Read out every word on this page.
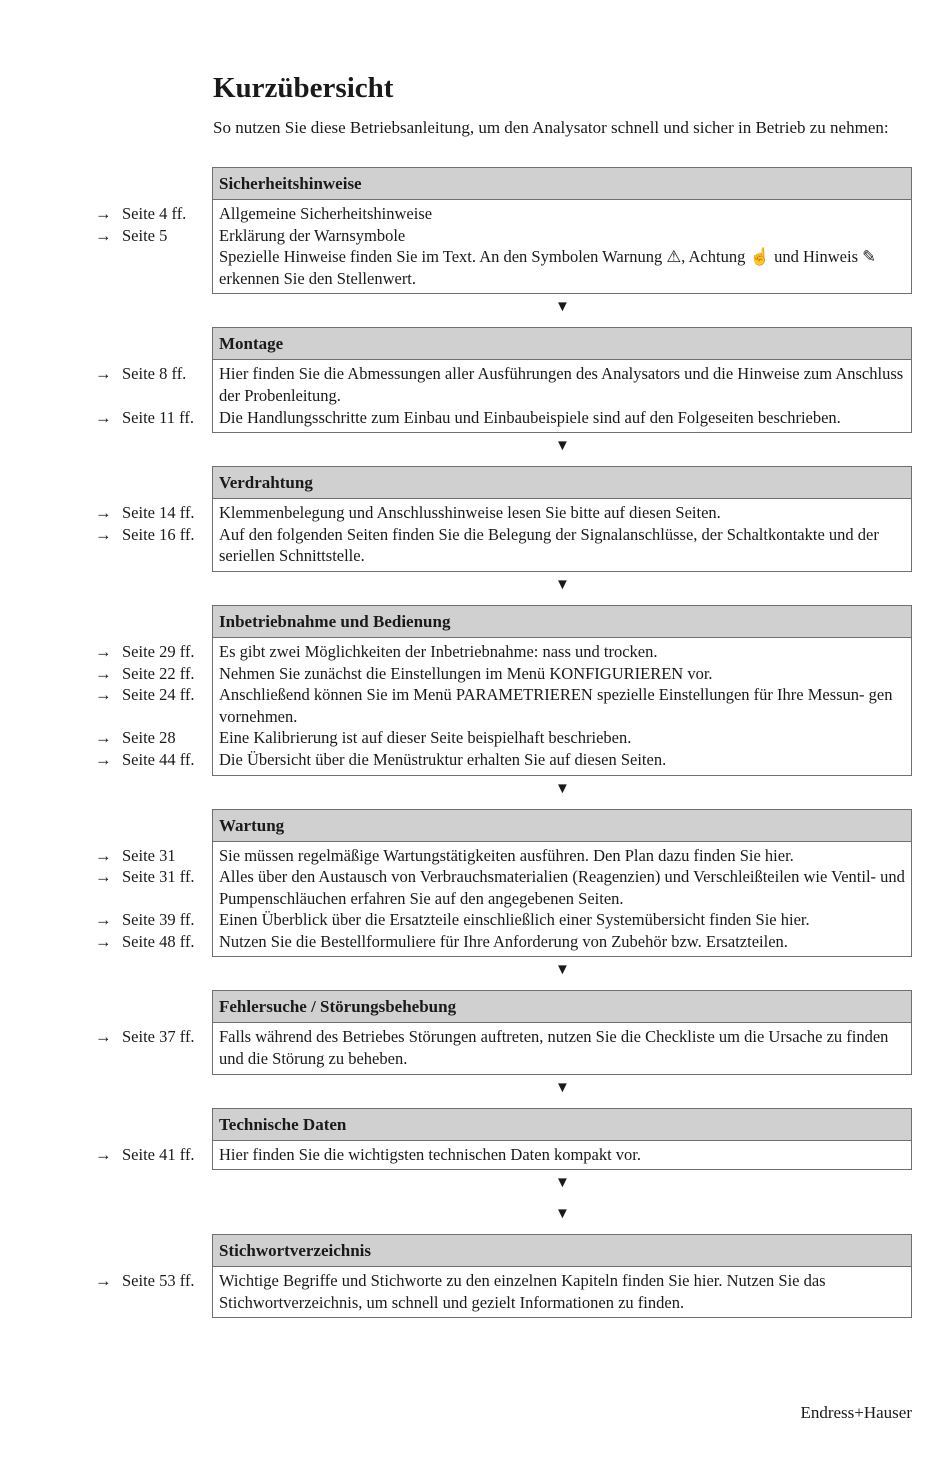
Kurzübersicht
So nutzen Sie diese Betriebsanleitung, um den Analysator schnell und sicher in Betrieb zu nehmen:
Sicherheitshinweise
→ Seite 4 ff. Allgemeine Sicherheitshinweise
→ Seite 5	Erklärung der Warnsymbole
Spezielle Hinweise finden Sie im Text. An den Symbolen Warnung ⚠, Achtung ☝ und Hinweis ✎ erkennen Sie den Stellenwert.
▼
Montage
→ Seite 8 ff. Hier finden Sie die Abmessungen aller Ausführungen des Analysators und die Hinweise zum Anschluss der Probenleitung.
→ Seite 11 ff. Die Handlungsschritte zum Einbau und Einbaubeispiele sind auf den Folgeseiten beschrieben.
▼
Verdrahtung
→ Seite 14 ff. Klemmenbelegung und Anschlusshinweise lesen Sie bitte auf diesen Seiten.
→ Seite 16 ff. Auf den folgenden Seiten finden Sie die Belegung der Signalanschlüsse, der Schaltkontakte und der seriellen Schnittstelle.
▼
Inbetriebnahme und Bedienung
→ Seite 29 ff. Es gibt zwei Möglichkeiten der Inbetriebnahme: nass und trocken.
→ Seite 22 ff. Nehmen Sie zunächst die Einstellungen im Menü KONFIGURIEREN vor.
→ Seite 24 ff. Anschließend können Sie im Menü PARAMETRIEREN spezielle Einstellungen für Ihre Messun- gen vornehmen.
→ Seite 28	Eine Kalibrierung ist auf dieser Seite beispielhaft beschrieben.
→ Seite 44 ff. Die Übersicht über die Menüstruktur erhalten Sie auf diesen Seiten.
▼
Wartung
→ Seite 31	Sie müssen regelmäßige Wartungstätigkeiten ausführen. Den Plan dazu finden Sie hier.
→ Seite 31 ff. Alles über den Austausch von Verbrauchsmaterialien (Reagenzien) und Verschleißteilen wie Ventil- und Pumpenschläuchen erfahren Sie auf den angegebenen Seiten.
→ Seite 39 ff. Einen Überblick über die Ersatzteile einschließlich einer Systemübersicht finden Sie hier.
→ Seite 48 ff. Nutzen Sie die Bestellformuliere für Ihre Anforderung von Zubehör bzw. Ersatzteilen.
▼
Fehlersuche / Störungsbehebung
→ Seite 37 ff. Falls während des Betriebes Störungen auftreten, nutzen Sie die Checkliste um die Ursache zu finden und die Störung zu beheben.
▼
Technische Daten
→ Seite 41 ff. Hier finden Sie die wichtigsten technischen Daten kompakt vor.
▼
▼
Stichwortverzeichnis
→ Seite 53 ff. Wichtige Begriffe und Stichworte zu den einzelnen Kapiteln finden Sie hier. Nutzen Sie das Stichwortverzeichnis, um schnell und gezielt Informationen zu finden.
Endress+Hauser
